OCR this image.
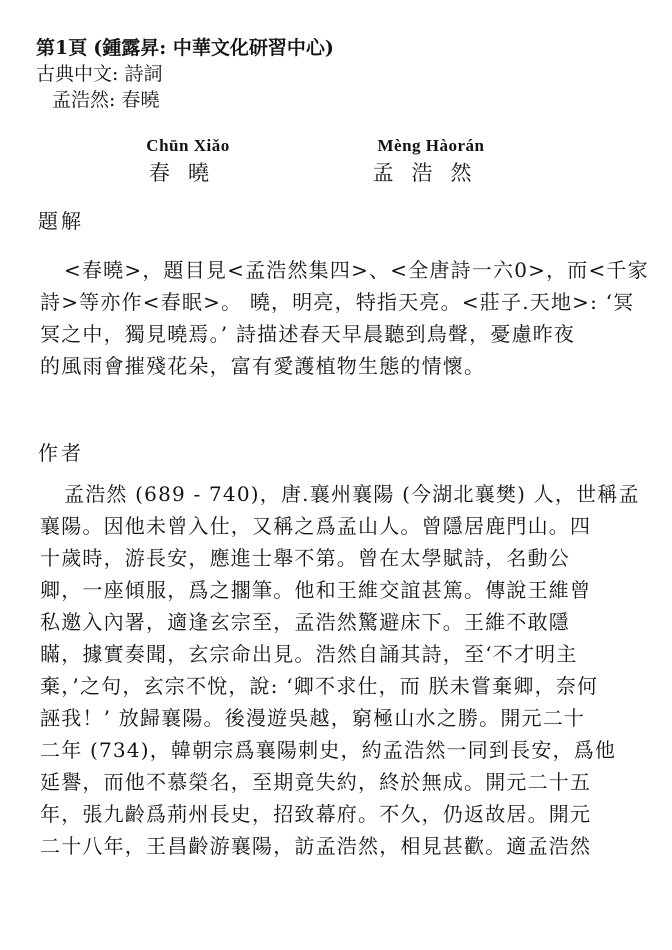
第1頁 (鍾露昇: 中華文化研習中心)
古典中文: 詩詞
孟浩然: 春曉
Chūn Xiǎo
春曉
Mèng Hàorán
孟浩然
題解
<春曉>，題目見<孟浩然集四>、<全唐詩一六0>，而<千家
詩>等亦作<春眠>。 曉，明亮，特指天亮。<莊子.天地>: ‘冥
冥之中，獨見曉焉。’ 詩描述春天早晨聽到鳥聲，憂慮昨夜
的風雨會摧殘花朵，富有愛護植物生態的情懷。
作者
孟浩然 (689 - 740)，唐.襄州襄陽 (今湖北襄樊) 人，世稱孟
襄陽。因他未曾入仕，又稱之爲孟山人。曾隱居鹿門山。四
十歲時，游長安，應進士舉不第。曾在太學賦詩，名動公
卿，一座傾服，爲之擱筆。他和王維交誼甚篤。傳說王維曾
私邀入內署，適逢玄宗至，孟浩然驚避床下。王維不敢隱
瞞，據實奏聞，玄宗命出見。浩然自誦其詩，至‘不才明主
棄，’之句，玄宗不悅，說: ‘卿不求仕，而 朕未嘗棄卿，奈何
誣我！’ 放歸襄陽。後漫遊吳越，窮極山水之勝。開元二十
二年 (734)，韓朝宗爲襄陽刺史，約孟浩然一同到長安，爲他
延譽，而他不慕榮名，至期竟失約，終於無成。開元二十五
年，張九齡爲荊州長史，招致幕府。不久，仍返故居。開元
二十八年，王昌齡游襄陽，訪孟浩然，相見甚歡。適孟浩然
